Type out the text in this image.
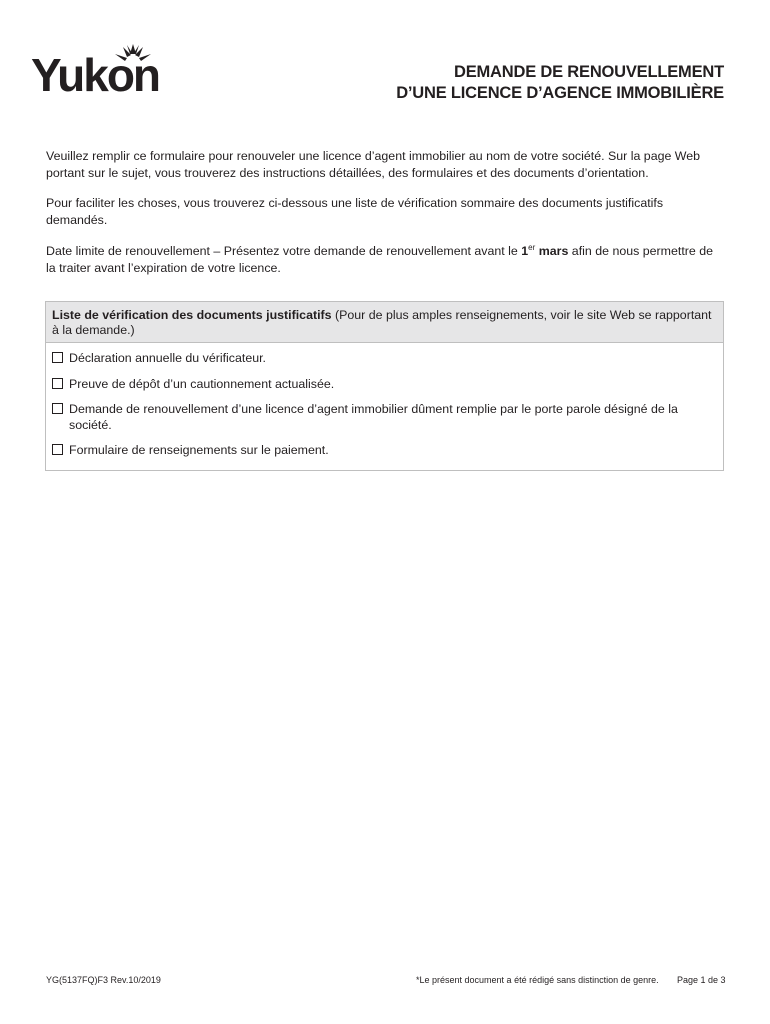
Yukon	DEMANDE DE RENOUVELLEMENT
D’UNE LICENCE D’AGENCE IMMOBILIÈRE
Veuillez remplir ce formulaire pour renouveler une licence d’agent immobilier au nom de votre société. Sur la page Web portant sur le sujet, vous trouverez des instructions détaillées, des formulaires et des documents d’orientation.
Pour faciliter les choses, vous trouverez ci-dessous une liste de vérification sommaire des documents justificatifs demandés.
Date limite de renouvellement – Présentez votre demande de renouvellement avant le 1er mars afin de nous permettre de la traiter avant l’expiration de votre licence.
Liste de vérification des documents justificatifs (Pour de plus amples renseignements, voir le site Web se rapportant à la demande.)
Déclaration annuelle du vérificateur.
Preuve de dépôt d’un cautionnement actualisée.
Demande de renouvellement d’une licence d’agent immobilier dûment remplie par le porte parole désigné de la société.
Formulaire de renseignements sur le paiement.
YG(5137FQ)F3 Rev.10/2019	*Le présent document a été rédigé sans distinction de genre. Page 1 de 3
